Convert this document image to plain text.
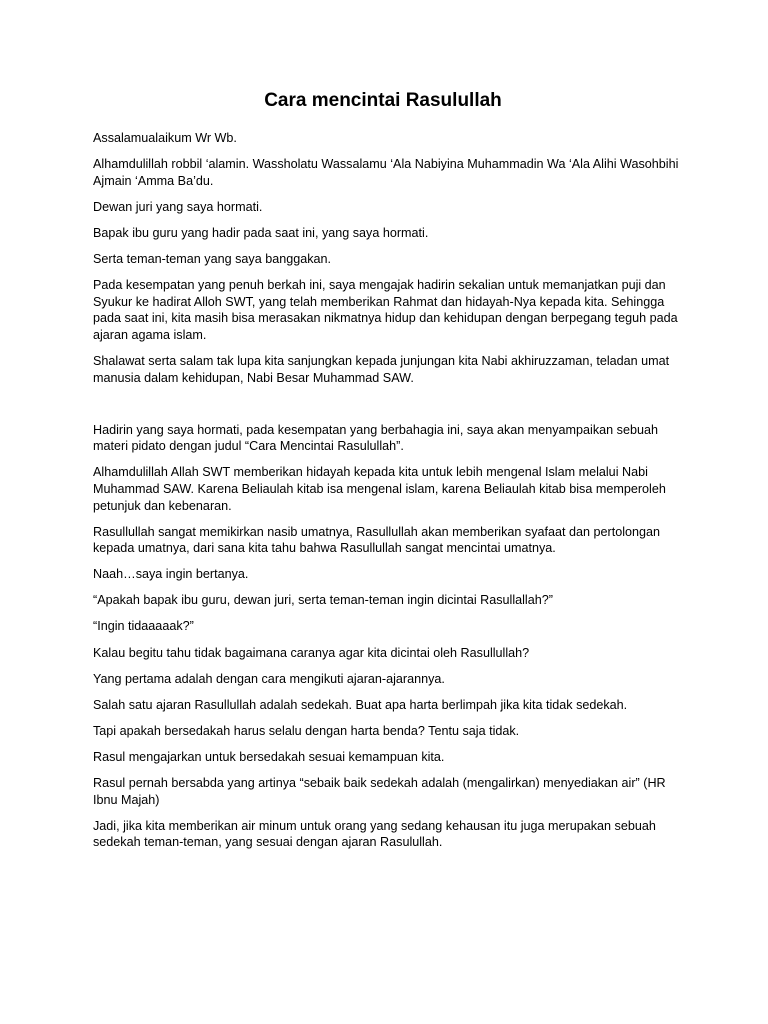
Cara mencintai Rasulullah

Assalamualaikum Wr Wb.

Alhamdulillah robbil ‘alamin. Wassholatu Wassalamu ‘Ala Nabiyina Muhammadin Wa ‘Ala Alihi Wasohbihi Ajmain ‘Amma Ba’du.

Dewan juri yang saya hormati.

Bapak ibu guru yang hadir pada saat ini, yang saya hormati.

Serta teman-teman yang saya banggakan.

Pada kesempatan yang penuh berkah ini, saya mengajak hadirin sekalian untuk memanjatkan puji dan Syukur ke hadirat Alloh SWT, yang telah memberikan Rahmat dan hidayah-Nya kepada kita. Sehingga pada saat ini, kita masih bisa merasakan nikmatnya hidup dan kehidupan dengan berpegang teguh pada ajaran agama islam.

Shalawat serta salam tak lupa kita sanjungkan kepada junjungan kita Nabi akhiruzzaman, teladan umat manusia dalam kehidupan, Nabi Besar Muhammad SAW.

Hadirin yang saya hormati, pada kesempatan yang berbahagia ini, saya akan menyampaikan sebuah materi pidato dengan judul “Cara Mencintai Rasulullah”.

Alhamdulillah Allah SWT memberikan hidayah kepada kita untuk lebih mengenal Islam melalui Nabi Muhammad SAW. Karena Beliaulah kitab isa mengenal islam, karena Beliaulah kitab bisa memperoleh petunjuk dan kebenaran.

Rasullullah sangat memikirkan nasib umatnya, Rasullullah akan memberikan syafaat dan pertolongan kepada umatnya, dari sana kita tahu bahwa Rasullullah sangat mencintai umatnya.

Naah…saya ingin bertanya.

“Apakah bapak ibu guru, dewan juri, serta teman-teman ingin dicintai Rasullallah?”

“Ingin tidaaaaak?”

Kalau begitu tahu tidak bagaimana caranya agar kita dicintai oleh Rasullullah?

Yang pertama adalah dengan cara mengikuti ajaran-ajarannya.

Salah satu ajaran Rasullullah adalah sedekah. Buat apa harta berlimpah jika kita tidak sedekah.

Tapi apakah bersedakah harus selalu dengan harta benda? Tentu saja tidak.

Rasul mengajarkan untuk bersedakah sesuai kemampuan kita.

Rasul pernah bersabda yang artinya “sebaik baik sedekah adalah (mengalirkan) menyediakan air” (HR Ibnu Majah)

Jadi, jika kita memberikan air minum untuk orang yang sedang kehausan itu juga merupakan sebuah sedekah teman-teman, yang sesuai dengan ajaran Rasulullah.
